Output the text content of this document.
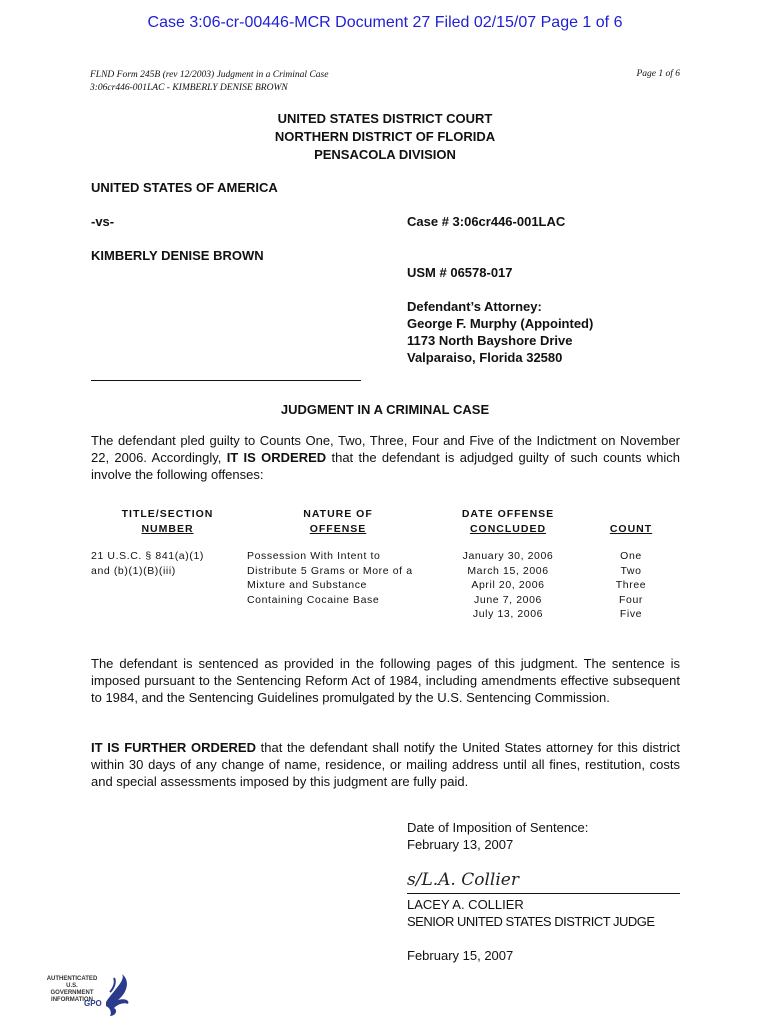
Case 3:06-cr-00446-MCR Document 27 Filed 02/15/07 Page 1 of 6
FLND Form 245B (rev 12/2003) Judgment in a Criminal Case
3:06cr446-001LAC - KIMBERLY DENISE BROWN
Page 1 of 6
UNITED STATES DISTRICT COURT
NORTHERN DISTRICT OF FLORIDA
PENSACOLA DIVISION
UNITED STATES OF AMERICA
-vs-	Case # 3:06cr446-001LAC
KIMBERLY DENISE BROWN
USM # 06578-017
Defendant’s Attorney:
George F. Murphy (Appointed)
1173 North Bayshore Drive
Valparaiso, Florida 32580
JUDGMENT IN A CRIMINAL CASE
The defendant pled guilty to Counts One, Two, Three, Four and Five of the Indictment on November 22, 2006. Accordingly, IT IS ORDERED that the defendant is adjudged guilty of such counts which involve the following offenses:
TITLE/SECTION
NUMBER
NATURE OF
OFFENSE
DATE OFFENSE
CONCLUDED	COUNT
21 U.S.C. § 841(a)(1)
and (b)(1)(B)(iii)
Possession With Intent to
Distribute 5 Grams or More of a
Mixture and Substance
Containing Cocaine Base
January 30, 2006
March 15, 2006
April 20, 2006
June 7, 2006
July 13, 2006
One
Two
Three
Four
Five
The defendant is sentenced as provided in the following pages of this judgment. The sentence is imposed pursuant to the Sentencing Reform Act of 1984, including amendments effective subsequent to 1984, and the Sentencing Guidelines promulgated by the U.S. Sentencing Commission.
IT IS FURTHER ORDERED that the defendant shall notify the United States attorney for this district within 30 days of any change of name, residence, or mailing address until all fines, restitution, costs and special assessments imposed by this judgment are fully paid.
Date of Imposition of Sentence:
February 13, 2007
s/L.A. Collier
LACEY A. COLLIER
SENIOR UNITED STATES DISTRICT JUDGE
February 15, 2007
AUTHENTICATED
U.S. GOVERNMENT
INFORMATION
GPO
